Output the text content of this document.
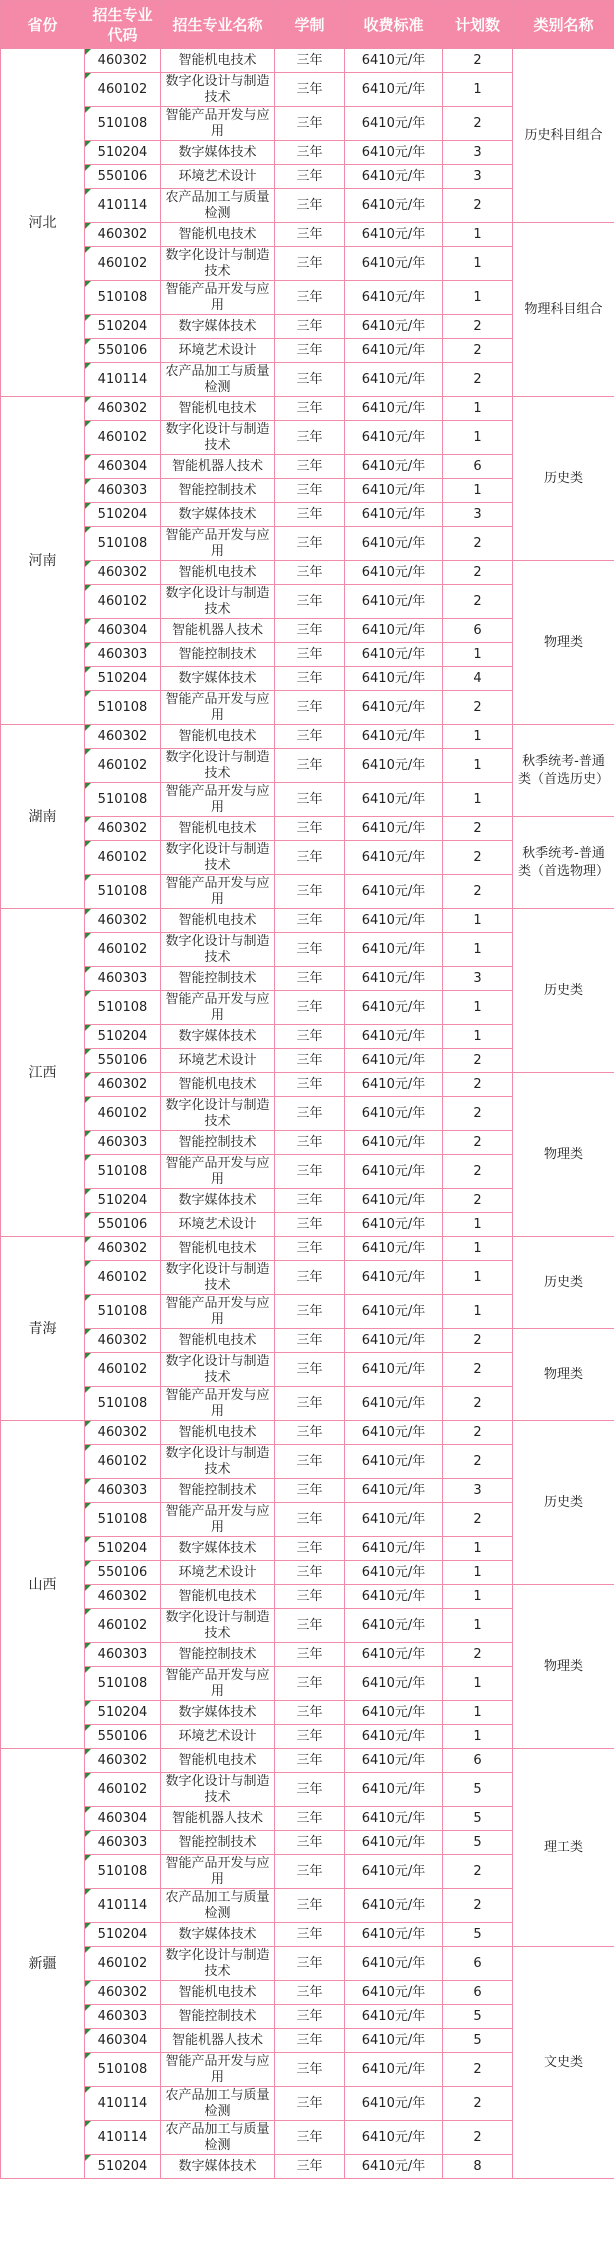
省份	招生专业代码	招生专业名称	学制	收费标准	计划数	类别名称
河北	460302	智能机电技术	三年	6410元/年	2	历史科目组合
	460102	数字化设计与制造技术	三年	6410元/年	1	
	510108	智能产品开发与应用	三年	6410元/年	2	
	510204	数字媒体技术	三年	6410元/年	3	
	550106	环境艺术设计	三年	6410元/年	3	
	410114	农产品加工与质量检测	三年	6410元/年	2	
	460302	智能机电技术	三年	6410元/年	1	物理科目组合
	460102	数字化设计与制造技术	三年	6410元/年	1	
	510108	智能产品开发与应用	三年	6410元/年	1	
	510204	数字媒体技术	三年	6410元/年	2	
	550106	环境艺术设计	三年	6410元/年	2	
	410114	农产品加工与质量检测	三年	6410元/年	2	
河南	460302	智能机电技术	三年	6410元/年	1	历史类
	460102	数字化设计与制造技术	三年	6410元/年	1	
	460304	智能机器人技术	三年	6410元/年	6	
	460303	智能控制技术	三年	6410元/年	1	
	510204	数字媒体技术	三年	6410元/年	3	
	510108	智能产品开发与应用	三年	6410元/年	2	
	460302	智能机电技术	三年	6410元/年	2	物理类
	460102	数字化设计与制造技术	三年	6410元/年	2	
	460304	智能机器人技术	三年	6410元/年	6	
	460303	智能控制技术	三年	6410元/年	1	
	510204	数字媒体技术	三年	6410元/年	4	
	510108	智能产品开发与应用	三年	6410元/年	2	
湖南	460302	智能机电技术	三年	6410元/年	1	秋季统考-普通类（首选历史）
	460102	数字化设计与制造技术	三年	6410元/年	1	
	510108	智能产品开发与应用	三年	6410元/年	1	
	460302	智能机电技术	三年	6410元/年	2	秋季统考-普通类（首选物理）
	460102	数字化设计与制造技术	三年	6410元/年	2	
	510108	智能产品开发与应用	三年	6410元/年	2	
江西	460302	智能机电技术	三年	6410元/年	1	历史类
	460102	数字化设计与制造技术	三年	6410元/年	1	
	460303	智能控制技术	三年	6410元/年	3	
	510108	智能产品开发与应用	三年	6410元/年	1	
	510204	数字媒体技术	三年	6410元/年	1	
	550106	环境艺术设计	三年	6410元/年	2	
	460302	智能机电技术	三年	6410元/年	2	物理类
	460102	数字化设计与制造技术	三年	6410元/年	2	
	460303	智能控制技术	三年	6410元/年	2	
	510108	智能产品开发与应用	三年	6410元/年	2	
	510204	数字媒体技术	三年	6410元/年	2	
	550106	环境艺术设计	三年	6410元/年	1	
青海	460302	智能机电技术	三年	6410元/年	1	历史类
	460102	数字化设计与制造技术	三年	6410元/年	1	
	510108	智能产品开发与应用	三年	6410元/年	1	
	460302	智能机电技术	三年	6410元/年	2	物理类
	460102	数字化设计与制造技术	三年	6410元/年	2	
	510108	智能产品开发与应用	三年	6410元/年	2	
山西	460302	智能机电技术	三年	6410元/年	2	历史类
	460102	数字化设计与制造技术	三年	6410元/年	2	
	460303	智能控制技术	三年	6410元/年	3	
	510108	智能产品开发与应用	三年	6410元/年	2	
	510204	数字媒体技术	三年	6410元/年	1	
	550106	环境艺术设计	三年	6410元/年	1	
	460302	智能机电技术	三年	6410元/年	1	物理类
	460102	数字化设计与制造技术	三年	6410元/年	1	
	460303	智能控制技术	三年	6410元/年	2	
	510108	智能产品开发与应用	三年	6410元/年	1	
	510204	数字媒体技术	三年	6410元/年	1	
	550106	环境艺术设计	三年	6410元/年	1	
新疆	460302	智能机电技术	三年	6410元/年	6	理工类
	460102	数字化设计与制造技术	三年	6410元/年	5	
	460304	智能机器人技术	三年	6410元/年	5	
	460303	智能控制技术	三年	6410元/年	5	
	510108	智能产品开发与应用	三年	6410元/年	2	
	410114	农产品加工与质量检测	三年	6410元/年	2	
	510204	数字媒体技术	三年	6410元/年	5	
	460102	数字化设计与制造技术	三年	6410元/年	6	文史类
	460302	智能机电技术	三年	6410元/年	6	
	460303	智能控制技术	三年	6410元/年	5	
	460304	智能机器人技术	三年	6410元/年	5	
	510108	智能产品开发与应用	三年	6410元/年	2	
	410114	农产品加工与质量检测	三年	6410元/年	2	
	410114	农产品加工与质量检测	三年	6410元/年	2	
	510204	数字媒体技术	三年	6410元/年	8	
